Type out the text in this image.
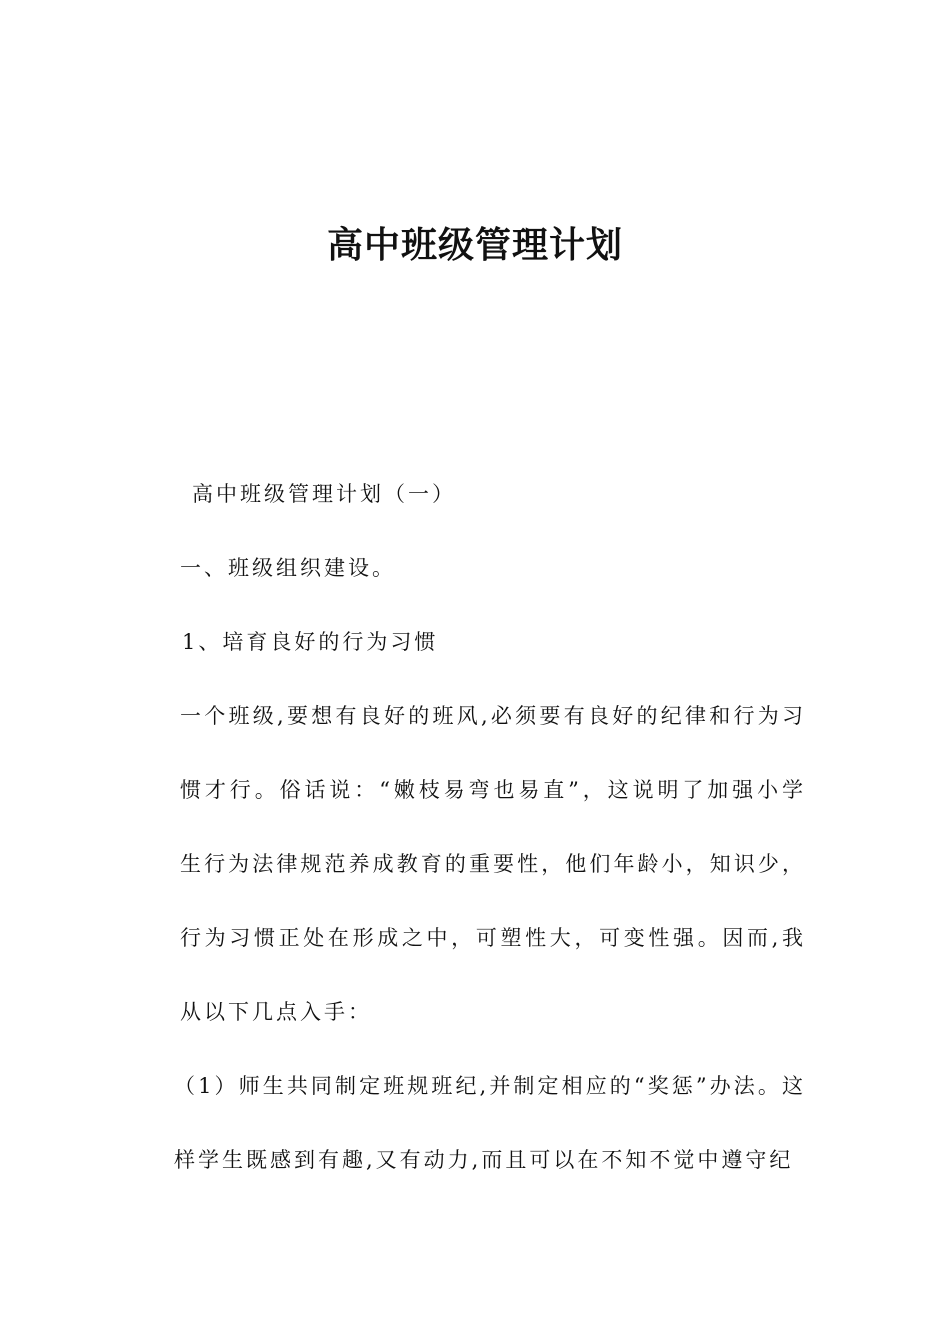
高中班级管理计划

高中班级管理计划（一）

一、班级组织建设。

1、培育良好的行为习惯

一个班级,要想有良好的班风,必须要有良好的纪律和行为习惯才行。俗话说：“嫩枝易弯也易直”，这说明了加强小学生行为法律规范养成教育的重要性，他们年龄小，知识少，行为习惯正处在形成之中，可塑性大，可变性强。因而,我从以下几点入手：

（1）师生共同制定班规班纪,并制定相应的“奖惩”办法。这样学生既感到有趣,又有动力,而且可以在不知不觉中遵守纪
